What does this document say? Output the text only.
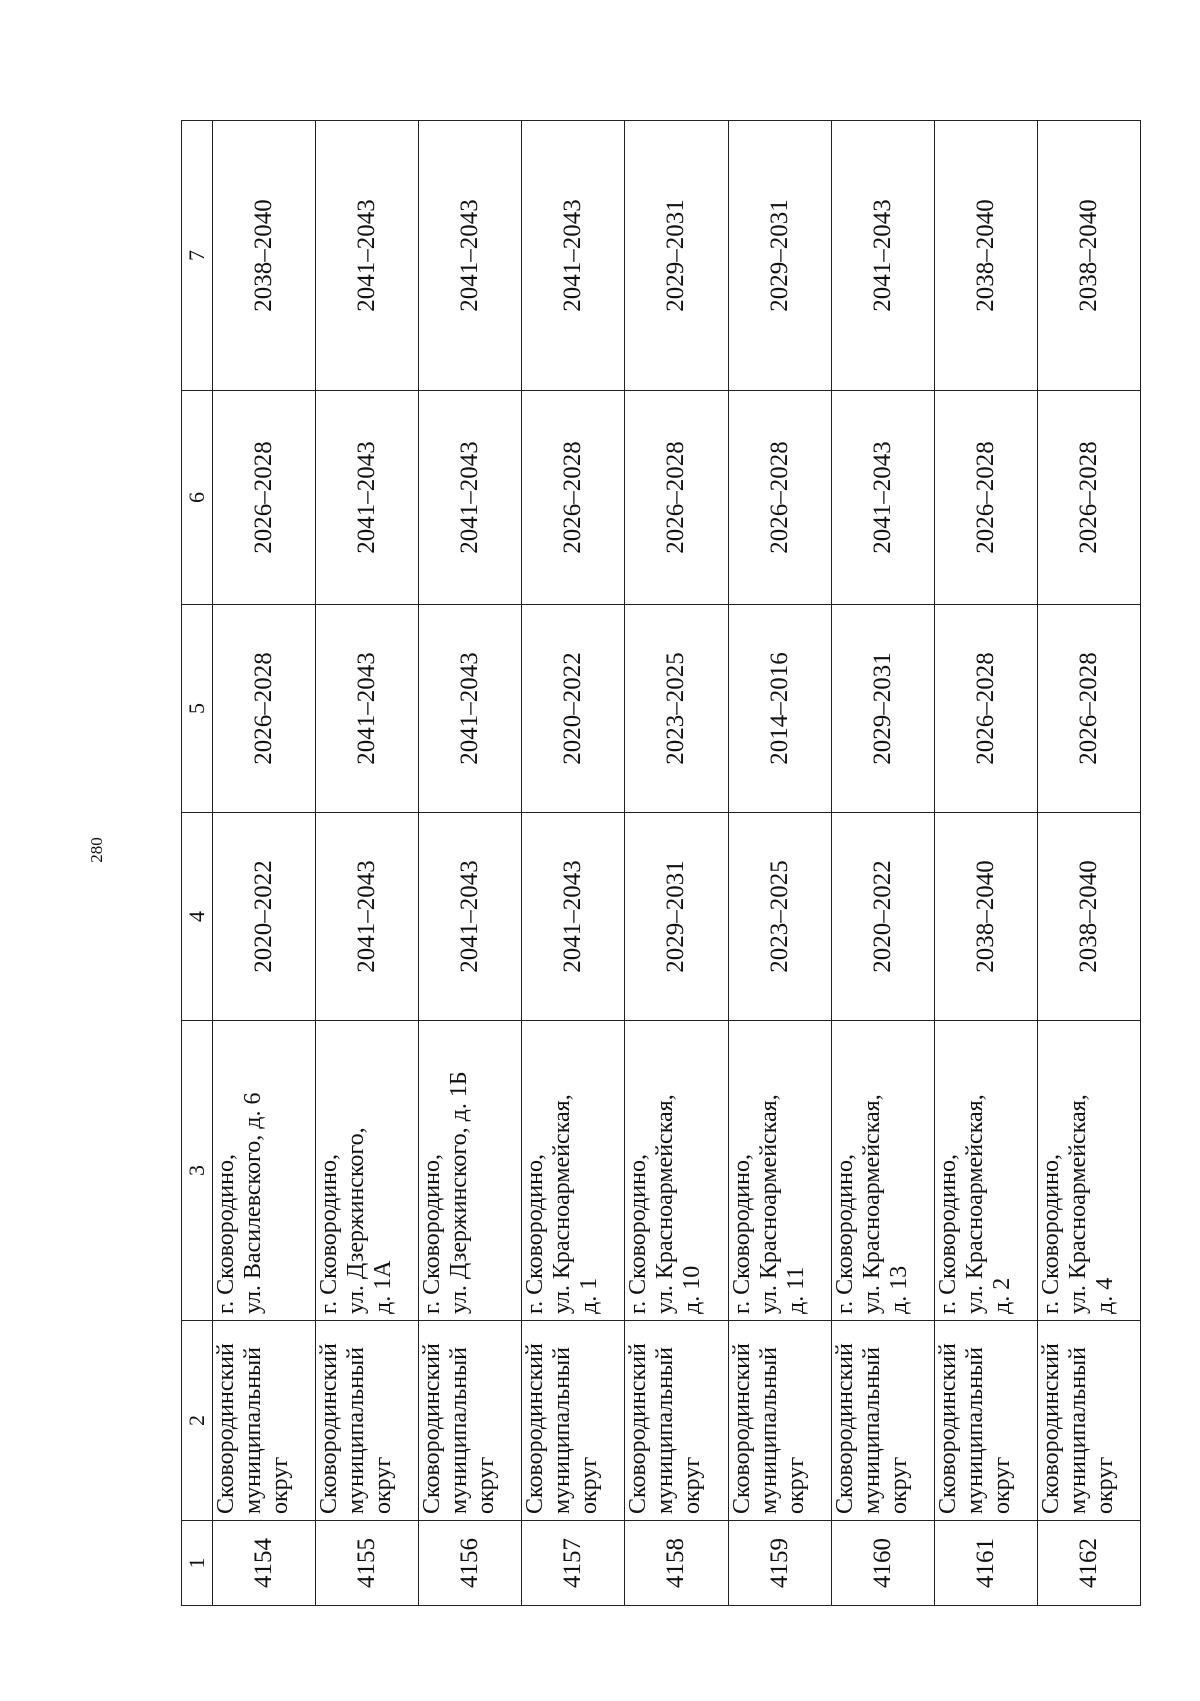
280
1	2	3	4	5	6	7
4154	Сковородинский муниципальный округ	г. Сковородино, ул. Василевского, д. 6	2020–2022	2026–2028	2026–2028	2038–2040
4155	Сковородинский муниципальный округ	г. Сковородино, ул. Дзержинского, д. 1А	2041–2043	2041–2043	2041–2043	2041–2043
4156	Сковородинский муниципальный округ	г. Сковородино, ул. Дзержинского, д. 1Б	2041–2043	2041–2043	2041–2043	2041–2043
4157	Сковородинский муниципальный округ	г. Сковородино, ул. Красноармейская, д. 1	2041–2043	2020–2022	2026–2028	2041–2043
4158	Сковородинский муниципальный округ	г. Сковородино, ул. Красноармейская, д. 10	2029–2031	2023–2025	2026–2028	2029–2031
4159	Сковородинский муниципальный округ	г. Сковородино, ул. Красноармейская, д. 11	2023–2025	2014–2016	2026–2028	2029–2031
4160	Сковородинский муниципальный округ	г. Сковородино, ул. Красноармейская, д. 13	2020–2022	2029–2031	2041–2043	2041–2043
4161	Сковородинский муниципальный округ	г. Сковородино, ул. Красноармейская, д. 2	2038–2040	2026–2028	2026–2028	2038–2040
4162	Сковородинский муниципальный округ	г. Сковородино, ул. Красноармейская, д. 4	2038–2040	2026–2028	2026–2028	2038–2040
